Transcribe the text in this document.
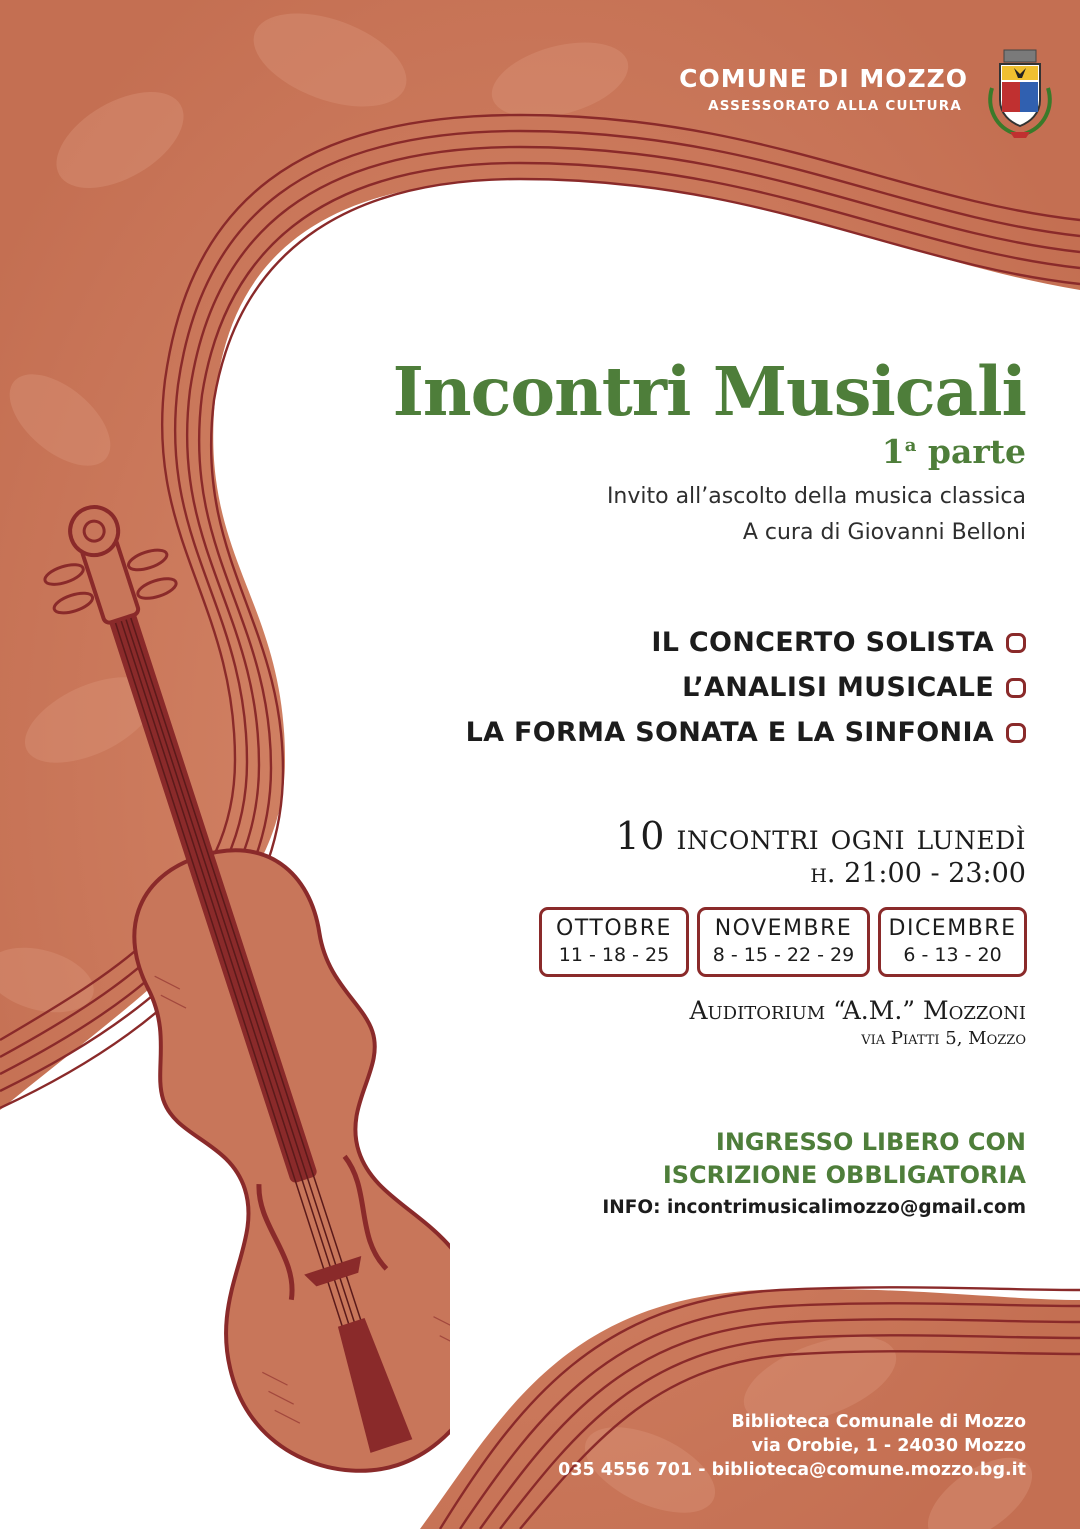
COMUNE DI MOZZO
ASSESSORATO ALLA CULTURA
Incontri Musicali
1$^a$ parte
Invito all’ascolto della musica classica
A cura di Giovanni Belloni
IL CONCERTO SOLISTA
L’ANALISI MUSICALE
LA FORMA SONATA E LA SINFONIA
10 incontri ogni lunedì
h. 21:00 - 23:00
OTTOBRE
11 - 18 - 25
NOVEMBRE
8 - 15 - 22 - 29
DICEMBRE
6 - 13 - 20
Auditorium “A.M.” Mozzoni
via Piatti 5, Mozzo
INGRESSO LIBERO CON
ISCRIZIONE OBBLIGATORIA
INFO: incontrimusicalimozzo@gmail.com
Biblioteca Comunale di Mozzo
via Orobie, 1 - 24030 Mozzo
035 4556 701 - biblioteca@comune.mozzo.bg.it
